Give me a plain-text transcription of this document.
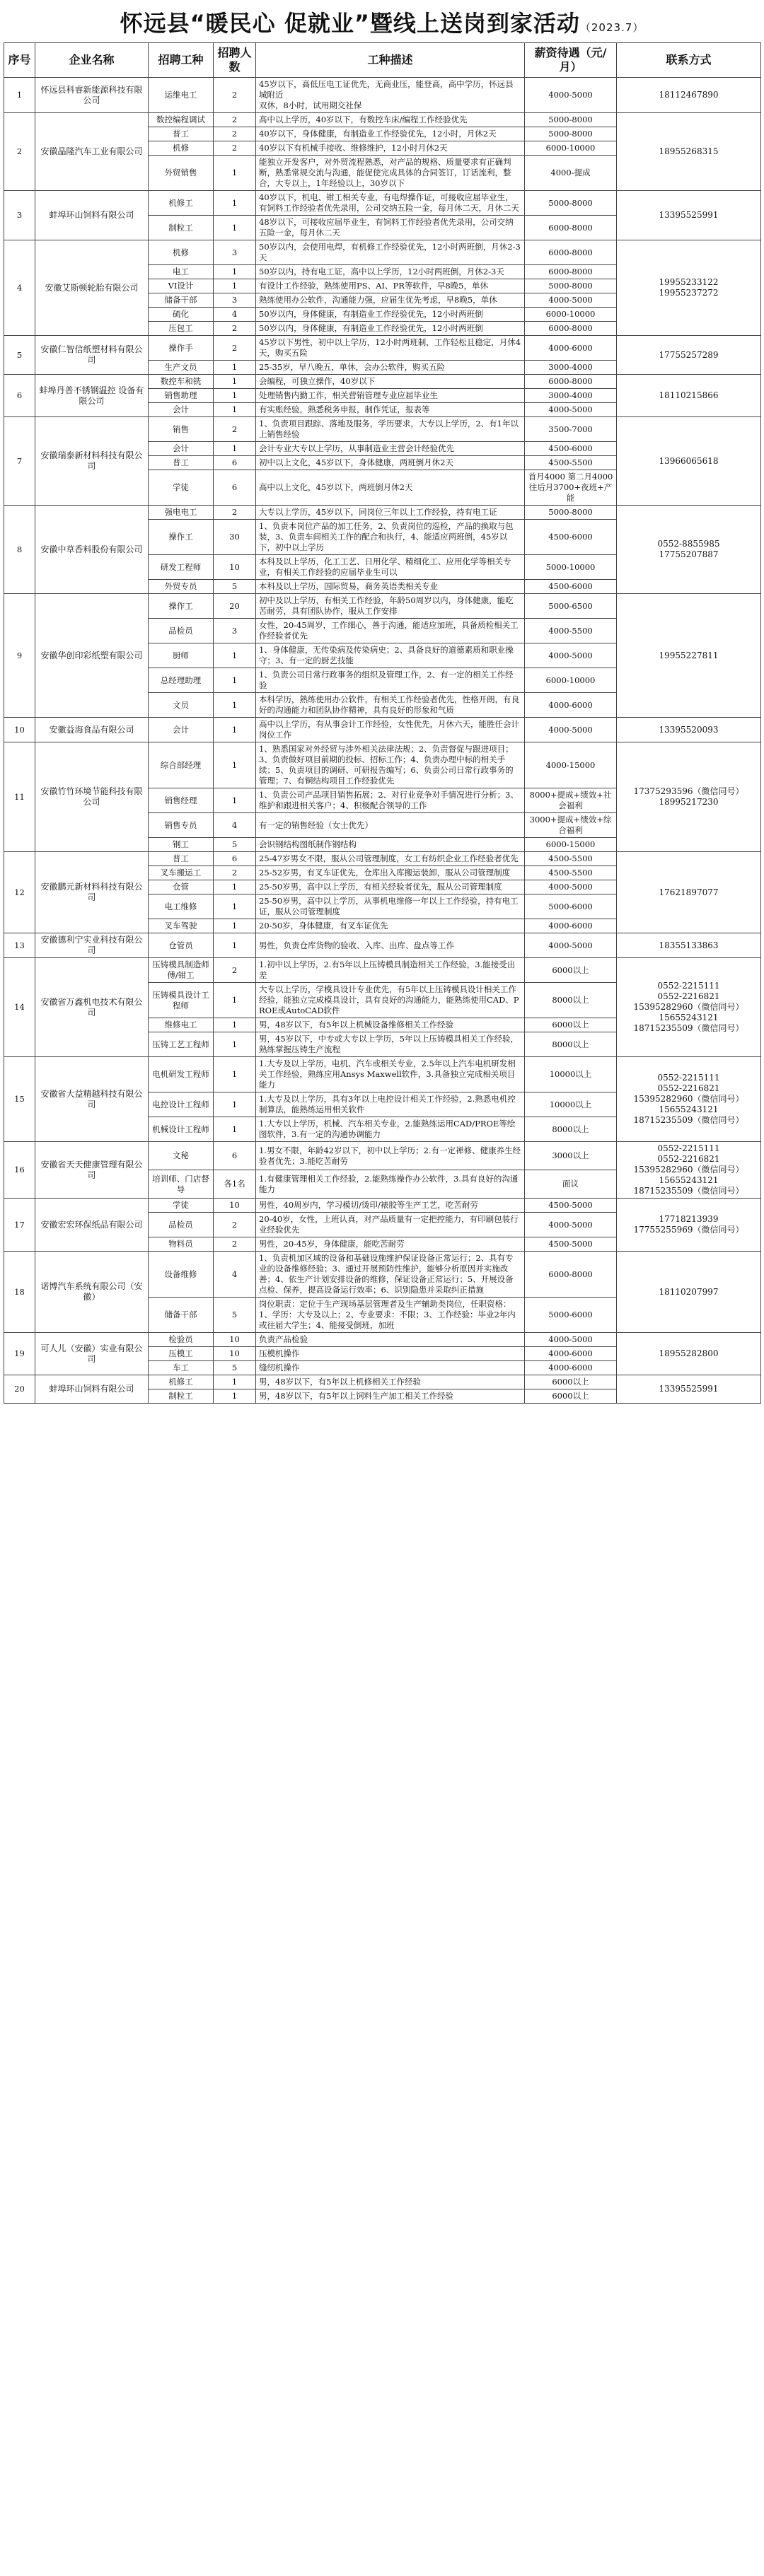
怀远县“暖民心 促就业”暨线上送岗到家活动（2023.7）
序号	企业名称	招聘工种	招聘人数	工种描述	薪资待遇（元/月）	联系方式
1	怀远县科睿新能源科技有限公司	运维电工	2	45岁以下，高低压电工证优先，无商业压，能登高，高中学历，怀远县城附近
双休，8小时，试用期交社保	4000-5000	18112467890
2	安徽晶隆汽车工业有限公司	数控编程调试	2	高中以上学历，40岁以下，有数控车床/编程工作经验优先	5000-8000	18955268315
		普工	2	40岁以下，身体健康，有制造业工作经验优先，12小时，月休2天	5000-8000	
		机修	2	40岁以下有机械手接收、维修维护，12小时月休2天	6000-10000	
		外贸销售	1	能独立开发客户，对外贸流程熟悉，对产品的规格、质量要求有正确判断，熟悉常规交流与沟通，能促使完成具体的合同签订，订话流利，整合，大专以上，1年经验以上，30岁以下	4000-提成	
3	蚌埠环山饲料有限公司	机修工	1	40岁以下，机电、钳工相关专业，有电焊操作证，可接收应届毕业生，有饲料工作经验者优先录用，公司交纳五险一金，每月休二天，月休二天	5000-8000	13395525991
		制粒工	1	48岁以下，可接收应届毕业生，有饲料工作经验者优先录用，公司交纳五险一金，每月休二天	6000-8000	
4	安徽艾斯顿轮胎有限公司	机修	3	50岁以内，会使用电焊，有机修工作经验优先，12小时两班倒，月休2-3天	6000-8000	19955233122
19955237272
		电工	1	50岁以内，持有电工证，高中以上学历，12小时两班倒，月休2-3天	6000-8000	
		VI设计	1	有设计工作经验，熟练使用PS、AI、PR等软件，早8晚5，单休	5000-8000	
		储备干部	3	熟练使用办公软件，沟通能力强，应届生优先考虑，早8晚5，单休	4000-5000	
		硫化	4	50岁以内，身体健康，有制造业工作经验优先，12小时两班倒	6000-10000	
		压包工	2	50岁以内，身体健康，有制造业工作经验优先，12小时两班倒	6000-8000	
5	安徽仁智信纸塑材料有限公司	操作手	2	45岁以下男性，初中以上学历，12小时两班制，工作轻松且稳定，月休4天，购买五险	4000-6000	17755257289
		生产文员	1	25-35岁，早八晚五，单休，会办公软件，购买五险	3000-4000	
6	蚌埠丹普不锈钢温控 设备有限公司	数控车和铣	1	会编程，可独立操作，40岁以下	6000-8000	18110215866
		销售助理	1	处理销售内勤工作，相关营销管理专业应届毕业生	3000-4000	
		会计	1	有实账经验，熟悉税务申报，制作凭证，报表等	4000-5000	
7	安徽瑞泰新材料科技有限公司	销售	2	1、负责项目跟踪、落地及服务，学历要求，大专以上学历，2、有1年以上销售经验	3500-7000	13966065618
		会计	1	会计专业大专以上学历，从事制造业主营会计经验优先	4500-6000	
		普工	6	初中以上文化，45岁以下，身体健康，两班倒月休2天	4500-5500	
		学徒	6	高中以上文化，45岁以下，两班倒月休2天	首月4000 第二月4000往后月3700+夜班+产能	
8	安徽中草香料股份有限公司	强电电工	2	大专以上学历，45岁以下，同岗位三年以上工作经验，持有电工证	5000-8000	0552-8855985
17755207887
		操作工	30	1、负责本岗位产品的加工任务，2、负责岗位的巡检，产品的换取与包装，3、负责车间相关工作的配合和执行，4、能适应两班倒，45岁以下，初中以上学历	4500-6000	
		研发工程师	10	本科及以上学历，化工工艺、日用化学、精细化工、应用化学等相关专业，有相关工作经验的应届毕业生可以	5000-10000	
		外贸专员	5	本科及以上学历，国际贸易，商务英语类相关专业	4500-6000	
9	安徽华创印彩纸塑有限公司	操作工	20	初中及以上学历，有相关工作经验，年龄50周岁以内，身体健康，能吃苦耐劳，具有团队协作，服从工作安排	5000-6500	19955227811
		品检员	3	女性，20-45周岁，工作细心，善于沟通，能适应加班，具备质检相关工作经验者优先	4000-5500	
		厨师	1	1、身体健康，无传染病及传染病史；2、具备良好的道德素质和职业操守；3、有一定的厨艺技能	4000-5000	
		总经理助理	1	1、负责公司日常行政事务的组织及管理工作，2、有一定的相关工作经验	6000-10000	
		文员	1	本科学历，熟练使用办公软件，有相关工作经验者优先，性格开朗，有良好的沟通能力和团队协作精神，具有良好的形象和气质	4000-6000	
10	安徽益海食品有限公司	会计	1	高中以上学历，有从事会计工作经验，女性优先，月休六天，能胜任会计岗位工作	4000-5000	13395520093
11	安徽竹竹环境节能科技有限公司	综合部经理	1	1、熟悉国家对外经贸与涉外相关法律法规；2、负责督促与跟进项目；3、负责做好项目前期的投标、招标工作；4、负责办理中标的相关手续；5、负责项目的调研、可研报告编写；6、负责公司日常行政事务的管理；7、有铜结构项目工作经验优先	4000-15000	17375293596（微信同号）
18995217230
		销售经理	1	1、负责公司产品项目销售拓展；2、对行业竞争对手情况进行分析；3、维护和跟进相关客户；4、积极配合领导的工作	8000+提成+绩效+社会福利	
		销售专员	4	有一定的销售经验（女士优先）	3000+提成+绩效+综合福利	
		钢工	5	会识钢结构图纸制作钢结构	6000-15000	
12	安徽鹏元新材料科技有限公司	普工	6	25-47岁男女不限，服从公司管理制度，女工有纺织企业工作经验者优先	4500-5500	17621897077
		叉车搬运工	2	25-52岁男，有叉车证优先，仓库出入库搬运装卸，服从公司管理制度	4500-5500	
		仓管	1	25-50岁男，高中以上学历，有相关经验者优先，服从公司管理制度	4000-5000	
		电工维修	1	25-50岁男，高中以上学历，从事机电维修一年以上工作经验，持有电工证，服从公司管理制度	5000-6000	
		叉车驾驶	1	20-50岁，身体健康，有叉车证优先	4000-6000	
13	安徽德利宁实业科技有限公司	仓管员	1	男性，负责仓库货物的验收、入库、出库、盘点等工作	4000-5000	18355133863
14	安徽省万鑫机电技术有限公司	压铸模具制造师傅/钳工	2	1.初中以上学历，2.有5年以上压铸模具制造相关工作经验，3.能接受出差	6000以上	0552-2215111
0552-2216821
15395282960（微信同号）
15655243121
18715235509（微信同号）
		压铸模具设计工程师	1	大专以上学历，学模具设计专业优先，有5年以上压铸模具设计相关工作经验，能独立完成模具设计，具有良好的沟通能力，能熟练使用CAD、PROE或AutoCAD软件	8000以上	
		维修电工	1	男，48岁以下，有5年以上机械设备维修相关工作经验	6000以上	
		压铸工艺工程师	1	男，45岁以下，中专或大专以上学历，5年以上压铸模具相关工作经验，熟练掌握压铸生产流程	8000以上	
15	安徽省大益精越科技有限公司	电机研发工程师	1	1.大专及以上学历，电机、汽车或相关专业，2.5年以上汽车电机研发相关工作经验，熟练应用Ansys Maxwell软件，3.具备独立完成相关项目能力	10000以上	0552-2215111
0552-2216821
15395282960（微信同号）
15655243121
18715235509（微信同号）
		电控设计工程师	1	1.大专及以上学历，具有3年以上电控设计相关工作经验，2.熟悉电机控制算法，能熟练运用相关软件	10000以上	
		机械设计工程师	1	1.大专以上学历，机械、汽车相关专业，2.能熟练运用CAD/PROE等绘图软件，3.有一定的沟通协调能力	8000以上	
16	安徽省天天健康管理有限公司	文秘	6	1.男女不限，年龄42岁以下，初中以上学历；2.有一定禅修、健康养生经验者优先；3.能吃苦耐劳	3000以上	0552-2215111
0552-2216821
15395282960（微信同号）
15655243121
18715235509（微信同号）
		培训师、门店督导	各1名	1.有健康管理相关工作经验，2.能熟练操作办公软件，3.具有良好的沟通能力	面议	
17	安徽宏宏环保纸品有限公司	学徒	10	男性，40周岁内，学习模切/烫印/裱胶等生产工艺，吃苦耐劳	4500-5000	17718213939
17755255969（微信同号）
		品检员	2	20-40岁，女性，上班认真，对产品质量有一定把控能力，有印刷包装行业经验优先	4000-5000	
		物料员	2	男性，20-45岁，身体健康，能吃苦耐劳	4500-5000	
18	诺博汽车系统有限公司（安徽）	设备维修	4	1、负责机加区域的设备和基础设施维护保证设备正常运行；2、具有专业的设备维修经验；3、通过开展预防性维护，能够分析原因并实施改善；4、依生产计划安排设备的维修，保证设备正常运行；5、开展设备点检、保养，提高设备运行效率；6、识别隐患并采取纠正措施	6000-8000	18110207997
		储备干部	5	岗位职责：定位于生产现场基层管理者及生产辅助类岗位，任职资格：1、学历：大专及以上；2、专业要求：不限；3、工作经验：毕业2年内或往届大学生；4、能接受倒班，加班	5000-6000	
19	可人儿（安徽）实业有限公司	检验员	10	负责产品检验	4000-5000	18955282800
		压模工	10	压模机操作	4000-6000	
		车工	5	缝纫机操作	4000-6000	
20	蚌埠环山饲料有限公司	机修工	1	男，48岁以下，有5年以上机修相关工作经验	6000以上	13395525991
		制粒工	1	男，48岁以下，有5年以上饲料生产加工相关工作经验	6000以上	
